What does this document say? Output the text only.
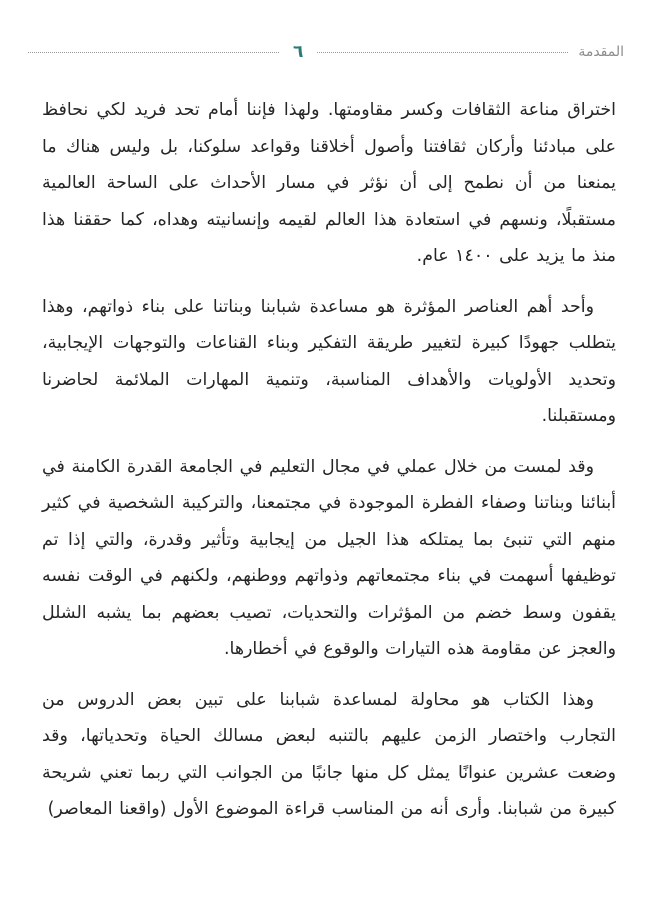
المقدمة
٦

اختراق مناعة الثقافات وكسر مقاومتها. ولهذا فإننا أمام تحد فريد لكي نحافظ على مبادئنا وأركان ثقافتنا وأصول أخلاقنا وقواعد سلوكنا، بل وليس هناك ما يمنعنا من أن نطمح إلى أن نؤثر في مسار الأحداث على الساحة العالمية مستقبلًا، ونسهم في استعادة هذا العالم لقيمه وإنسانيته وهداه، كما حققنا هذا منذ ما يزيد على ١٤٠٠ عام.

وأحد أهم العناصر المؤثرة هو مساعدة شبابنا وبناتنا على بناء ذواتهم، وهذا يتطلب جهودًا كبيرة لتغيير طريقة التفكير وبناء القناعات والتوجهات الإيجابية، وتحديد الأولويات والأهداف المناسبة، وتنمية المهارات الملائمة لحاضرنا ومستقبلنا.

وقد لمست من خلال عملي في مجال التعليم في الجامعة القدرة الكامنة في أبنائنا وبناتنا وصفاء الفطرة الموجودة في مجتمعنا، والتركيبة الشخصية في كثير منهم التي تنبئ بما يمتلكه هذا الجيل من إيجابية وتأثير وقدرة، والتي إذا تم توظيفها أسهمت في بناء مجتمعاتهم وذواتهم ووطنهم، ولكنهم في الوقت نفسه يقفون وسط خضم من المؤثرات والتحديات، تصيب بعضهم بما يشبه الشلل والعجز عن مقاومة هذه التيارات والوقوع في أخطارها.

وهذا الكتاب هو محاولة لمساعدة شبابنا على تبين بعض الدروس من التجارب واختصار الزمن عليهم بالتنبه لبعض مسالك الحياة وتحدياتها، وقد وضعت عشرين عنوانًا يمثل كل منها جانبًا من الجوانب التي ربما تعني شريحة كبيرة من شبابنا. وأرى أنه من المناسب قراءة الموضوع الأول (واقعنا المعاصر)
